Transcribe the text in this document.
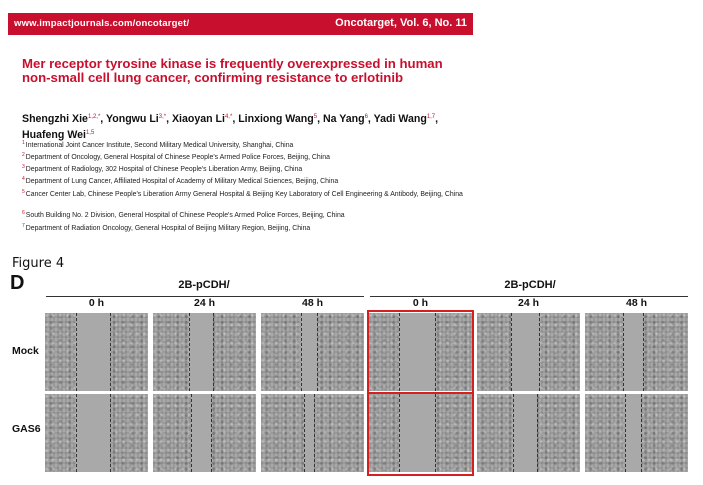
www.impactjournals.com/oncotarget/	Oncotarget, Vol. 6, No. 11
Mer receptor tyrosine kinase is frequently overexpressed in human non-small cell lung cancer, confirming resistance to erlotinib
Shengzhi Xie$^{1,2,*}$, Yongwu $Li^{3,*}$, Xiaoyan $Li^{4,*}$, Linxiong Wang$^5$, Na Yang$^6$, Yadi Wang$^{1,7}$, Huafeng Wei$^{1,5}$
$^1$International Joint Cancer Institute, Second Military Medical University, Shanghai, China
$^2$Department of Oncology, General Hospital of Chinese People's Armed Police Forces, Beijing, China
$^3$Department of Radiology, 302 Hospital of Chinese People's Liberation Army, Beijing, China
$^4$Department of Lung Cancer, Affiliated Hospital of Academy of Military Medical Sciences, Beijing, China
$^5$Cancer Center Lab, Chinese People's Liberation Army General Hospital & Beijing Key Laboratory of Cell Engineering & Antibody, Beijing, China
$^6$South Building No. 2 Division, General Hospital of Chinese People's Armed Police Forces, Beijing, China
$^7$Department of Radiation Oncology, General Hospital of Beijing Military Region, Beijing, China
Figure 4
D	2B-pCDH/	2B-pCDH/
0 h	24 h	48 h	0 h	24 h	48 h
Mock
GAS6
